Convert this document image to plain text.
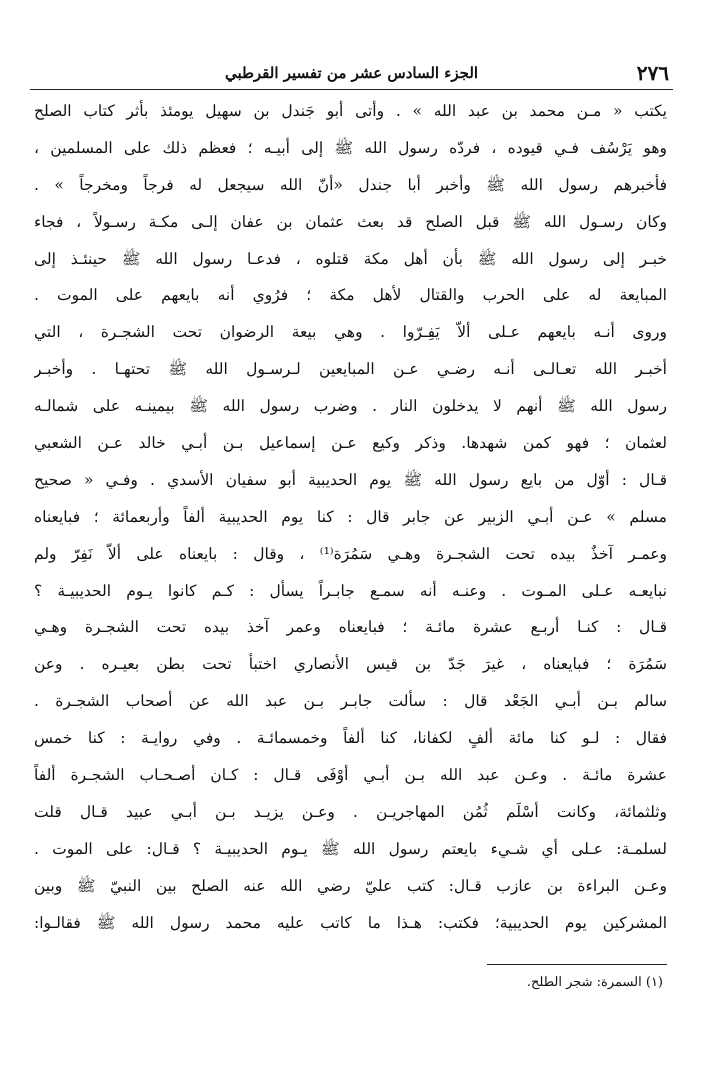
٢٧٦
الجزء السادس عشر من تفسير القرطبي
يكتب « مـن محمد بن عبد الله » . وأتى أبو جَندل بن سهيل يومئذ بأثر كتاب الصلح
وهو يَرْسُف فـي قيوده ، فردّه رسول الله ﷺ إلى أبيـه ؛ فعظم ذلك على المسلمين ،
فأخبرهم رسول الله ﷺ وأخبر أبا جندل «أنّ الله سيجعل له فرجاً ومخرجاً » .
وكان رسـول الله ﷺ قبل الصلح قد بعث عثمان بن عفان إلـى مكـة رسـولاً ، فجاء
خبـر إلى رسول الله ﷺ بأن أهل مكة قتلوه ، فدعـا رسول الله ﷺ حينئـذ إلى
المبايعة له على الحرب والقتال لأهل مكة ؛ فرُوي أنه بايعهم على الموت .
وروى أنـه بايعهم عـلى ألاّ يَفِـرّوا . وهي بيعة الرضوان تحت الشجـرة ، التي
أخبـر الله تعـالـى أنـه رضـي عـن المبايعين لـرسـول الله ﷺ تحتهـا . وأخبـر
رسول الله ﷺ أنهم لا يدخلون النار . وضرب رسول الله ﷺ بيمينـه على شمالـه
لعثمان ؛ فهو كمن شهدها. وذكر وكيع عـن إسماعيل بـن أبـي خالد عـن الشعبي
قـال : أوّل من بايع رسول الله ﷺ يوم الحديبية أبو سفيان الأسدي . وفـي « صحيح
مسلم » عـن أبـي الزبير عن جابر قال : كنا يوم الحديبية ألفاً وأربعمائة ؛ فبايعناه
وعمـر آخذٌ بيده تحت الشجـرة وهـي سَمُرَة⁽¹⁾ ، وقال : بايعناه على ألاّ نَفِرّ ولم
نبايعـه عـلى المـوت . وعنـه أنه سمـع جابـراً يسأل : كـم كانوا يـوم الحديبيـة ؟
قـال : كنـا أربـع عشرة مائـة ؛ فبايعناه وعمر آخذ بيده تحت الشجـرة وهـي
سَمُرَة ؛ فبايعناه ، غيرَ جَدّ بن قيس الأنصاري اختبأ تحت بطن بعيـره . وعن
سالم بـن أبـي الجَعْد قال : سألت جابـر بـن عبد الله عن أصحاب الشجـرة .
فقال : لـو كنا مائة ألفٍ لكفانا، كنا ألفاً وخمسمائـة . وفي روايـة : كنا خمس
عشرة مائـة . وعـن عبد الله بـن أبـي أوْفَى قـال : كـان أصـحـاب الشجـرة ألفاً
وثلثمائة، وكانت أسْلَم ثُمُن المهاجريـن . وعـن يزيـد بـن أبـي عبيد قـال قلت
لسلمـة: عـلى أي شـيء بايعتم رسول الله ﷺ يـوم الحديبيـة ؟ قـال: على الموت .
وعـن البراءة بن عازب قـال: كتب عليّ رضي الله عنه الصلح بين النبيّ ﷺ وبين
المشركين يوم الحديبية؛ فكتب: هـذا ما كاتب عليه محمد رسول الله ﷺ فقالـوا:
(١) السمرة: شجر الطلح.
